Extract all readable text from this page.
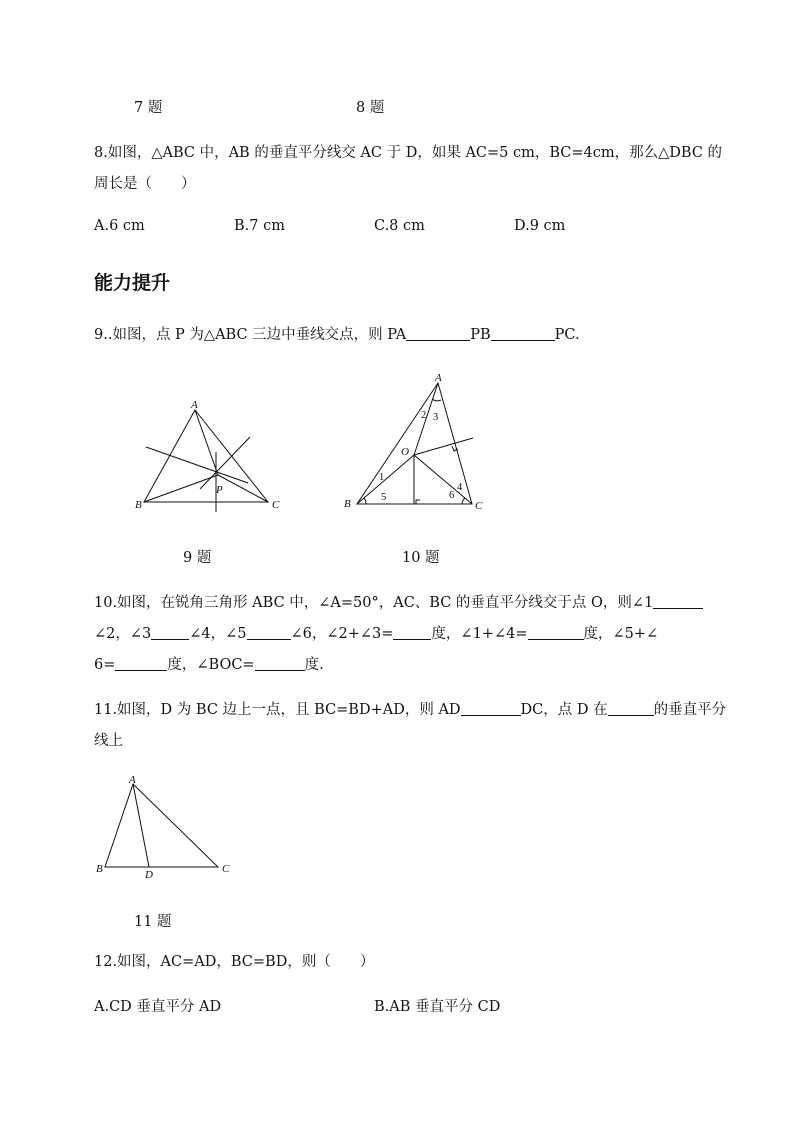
7 题	8 题
8.如图，△ABC 中，AB 的垂直平分线交 AC 于 D，如果 AC=5 cm，BC=4cm，那么△DBC 的
周长是（　　）
A.6 cm	B.7 cm	C.8 cm	D.9 cm
能力提升
9..如图，点 P 为△ABC 三边中垂线交点，则 PA	PB	PC.
A
B	C
P
A
B	C
O
1
2 3
4
5	6
9 题	10 题
10.如图，在锐角三角形 ABC 中，∠A=50°，AC、BC 的垂直平分线交于点 O，则∠1
∠2，∠3	∠4，∠5	∠6，∠2+∠3=	度，∠1+∠4=	度，∠5+∠
6=	度，∠BOC=	度.
11.如图，D 为 BC 边上一点，且 BC=BD+AD，则 AD	DC，点 D 在	的垂直平分
线上
A
B	D	C
11 题
12.如图，AC=AD，BC=BD，则（　　）
A.CD 垂直平分 AD	B.AB 垂直平分 CD
